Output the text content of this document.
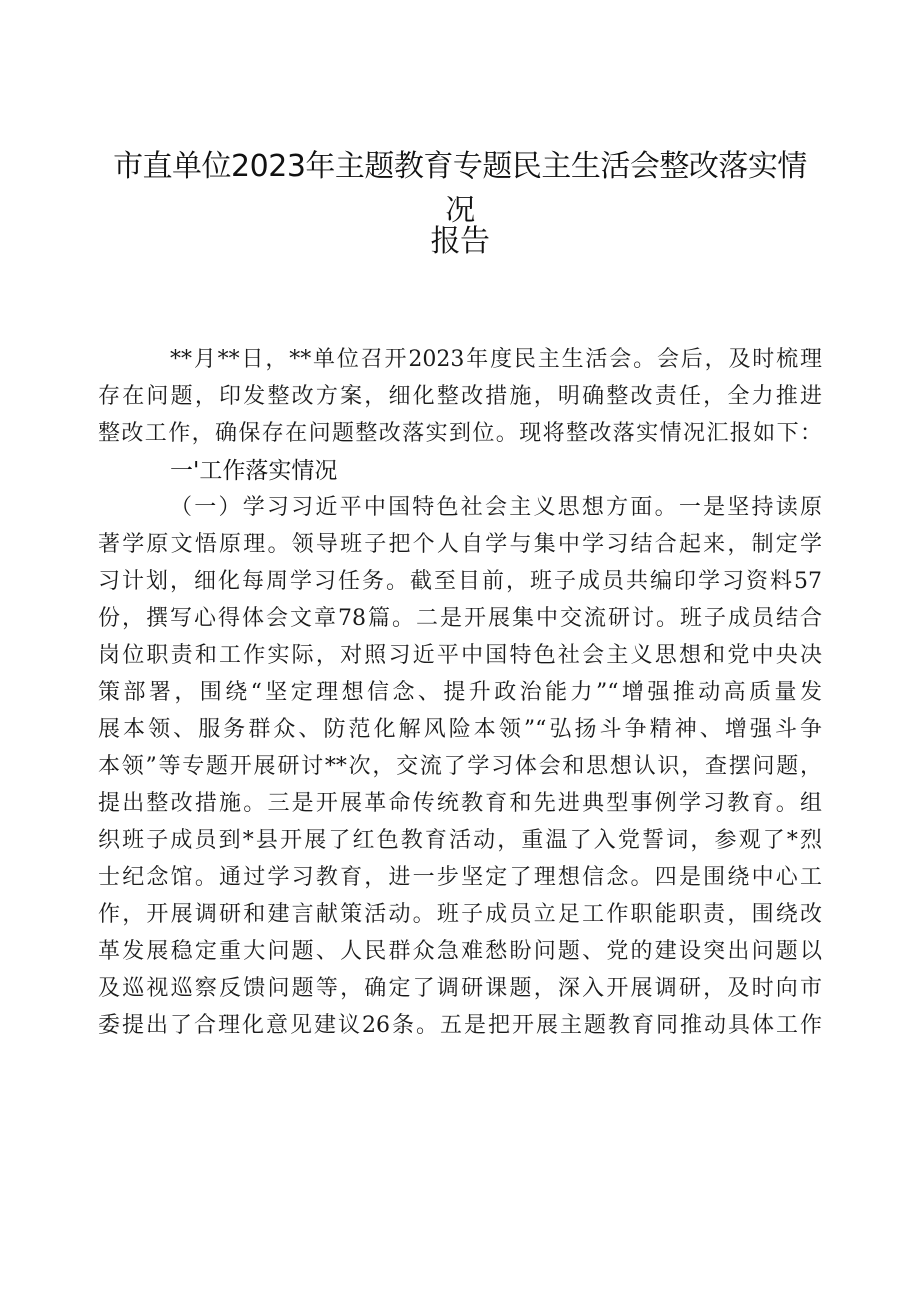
市直单位2023年主题教育专题民主生活会整改落实情况
报告
**月**日，**单位召开2023年度民主生活会。会后，及时梳理
存在问题，印发整改方案，细化整改措施，明确整改责任，全力推进
整改工作，确保存在问题整改落实到位。现将整改落实情况汇报如下：
一'工作落实情况
（一）学习习近平中国特色社会主义思想方面。一是坚持读原
著学原文悟原理。领导班子把个人自学与集中学习结合起来，制定学
习计划，细化每周学习任务。截至目前，班子成员共编印学习资料57
份，撰写心得体会文章78篇。二是开展集中交流研讨。班子成员结合
岗位职责和工作实际，对照习近平中国特色社会主义思想和党中央决
策部署，围绕“坚定理想信念、提升政治能力”“增强推动高质量发
展本领、服务群众、防范化解风险本领”“弘扬斗争精神、增强斗争
本领”等专题开展研讨**次，交流了学习体会和思想认识，查摆问题，
提出整改措施。三是开展革命传统教育和先进典型事例学习教育。组
织班子成员到*县开展了红色教育活动，重温了入党誓词，参观了*烈
士纪念馆。通过学习教育，进一步坚定了理想信念。四是围绕中心工
作，开展调研和建言献策活动。班子成员立足工作职能职责，围绕改
革发展稳定重大问题、人民群众急难愁盼问题、党的建设突出问题以
及巡视巡察反馈问题等，确定了调研课题，深入开展调研，及时向市
委提出了合理化意见建议26条。五是把开展主题教育同推动具体工作
